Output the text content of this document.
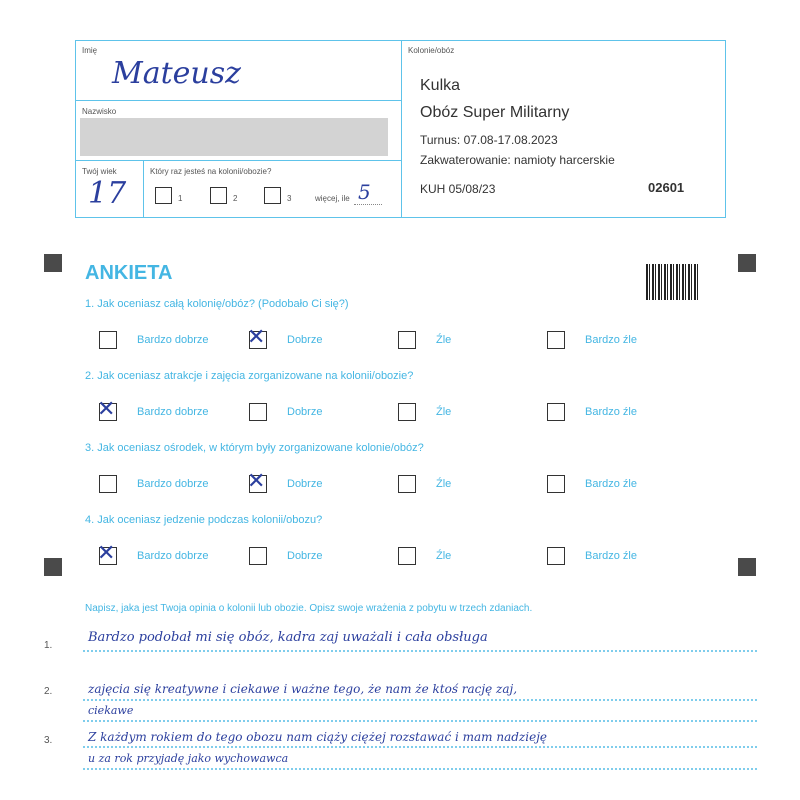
Imię
Mateusz
Nazwisko
Twój wiek
17
Który raz jesteś na kolonii/obozie?
1	2	3	więcej, ile 5
Kolonie/obóz
Kulka
Obóz Super Militarny
Turnus: 07.08-17.08.2023
Zakwaterowanie: namioty harcerskie
KUH 05/08/23	02601
ANKIETA
1. Jak oceniasz całą kolonię/obóz? (Podobało Ci się?)
Bardzo dobrze ✕ Dobrze	Źle	Bardzo źle
2. Jak oceniasz atrakcje i zajęcia zorganizowane na kolonii/obozie?
✕ Bardzo dobrze	Dobrze	Źle	Bardzo źle
3. Jak oceniasz ośrodek, w którym były zorganizowane kolonie/obóz?
Bardzo dobrze ✕ Dobrze	Źle	Bardzo źle
4. Jak oceniasz jedzenie podczas kolonii/obozu?
✕ Bardzo dobrze	Dobrze	Źle	Bardzo źle
Napisz, jaka jest Twoja opinia o kolonii lub obozie. Opisz swoje wrażenia z pobytu w trzech zdaniach.
1.
2.
3.
Bardzo podobał mi się obóz, kadra zaj uważali i cała obsługa
zajęcia się kreatywne i ciekawe i ważne tego, że nam że ktoś rację zaj,
ciekawe
Z każdym rokiem do tego obozu nam ciąży ciężej rozstawać i mam nadzieję
u za rok przyjadę jako wychowawca
